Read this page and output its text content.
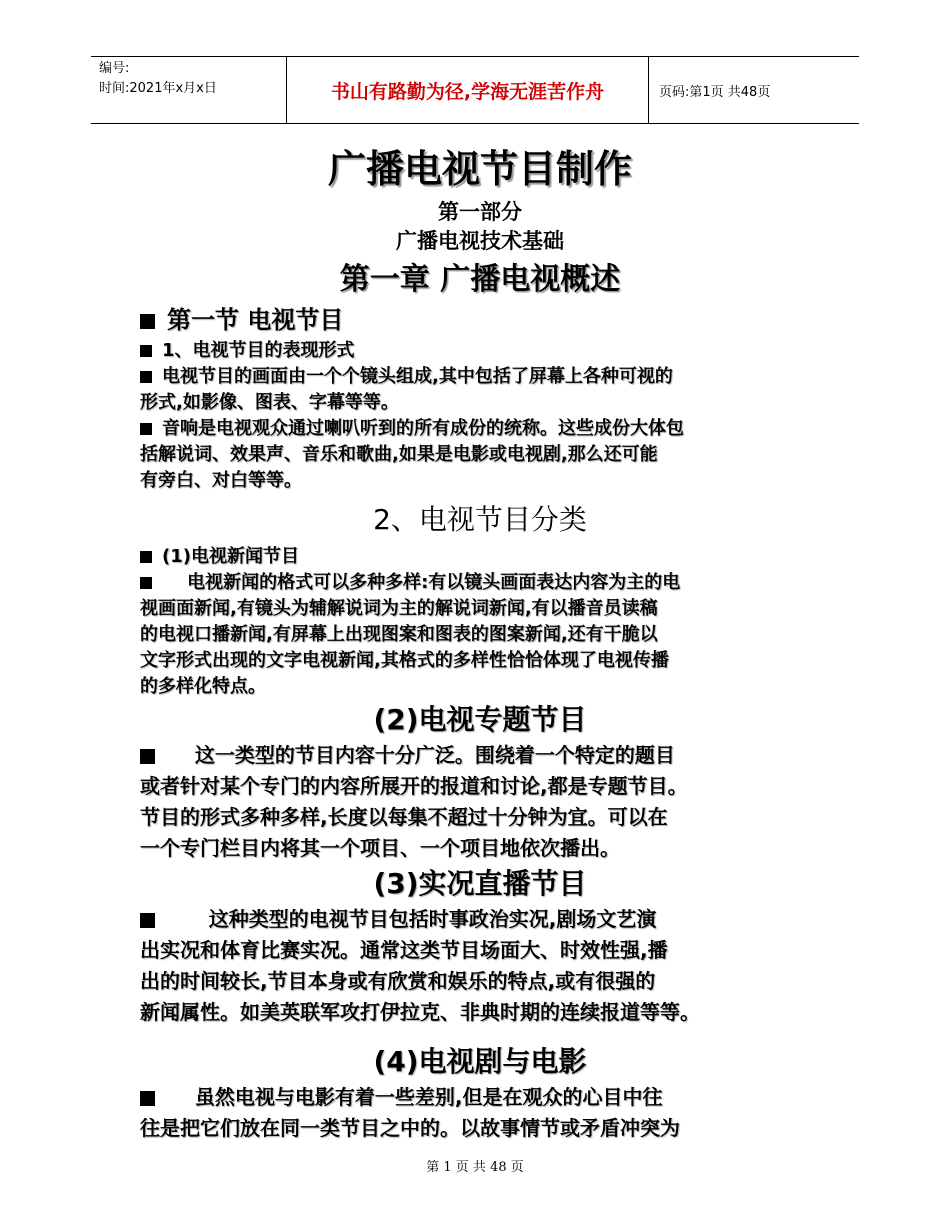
编号:
时间:2021年x月x日	书山有路勤为径,学海无涯苦作舟	页码:第1页 共48页
广播电视节目制作
第一部分
广播电视技术基础
第一章 广播电视概述
第一节 电视节目
1、电视节目的表现形式
电视节目的画面由一个个镜头组成,其中包括了屏幕上各种可视的
形式,如影像、图表、字幕等等。
音响是电视观众通过喇叭听到的所有成份的统称。这些成份大体包
括解说词、效果声、音乐和歌曲,如果是电影或电视剧,那么还可能
有旁白、对白等等。
2、电视节目分类
(1)电视新闻节目
电视新闻的格式可以多种多样:有以镜头画面表达内容为主的电
视画面新闻,有镜头为辅解说词为主的解说词新闻,有以播音员读稿
的电视口播新闻,有屏幕上出现图案和图表的图案新闻,还有干脆以
文字形式出现的文字电视新闻,其格式的多样性恰恰体现了电视传播
的多样化特点。
(2)电视专题节目
这一类型的节目内容十分广泛。围绕着一个特定的题目
或者针对某个专门的内容所展开的报道和讨论,都是专题节目。
节目的形式多种多样,长度以每集不超过十分钟为宜。可以在
一个专门栏目内将其一个项目、一个项目地依次播出。
(3)实况直播节目
这种类型的电视节目包括时事政治实况,剧场文艺演
出实况和体育比赛实况。通常这类节目场面大、时效性强,播
出的时间较长,节目本身或有欣赏和娱乐的特点,或有很强的
新闻属性。如美英联军攻打伊拉克、非典时期的连续报道等等。
(4)电视剧与电影
虽然电视与电影有着一些差别,但是在观众的心目中往
往是把它们放在同一类节目之中的。以故事情节或矛盾冲突为
第 1 页 共 48 页
